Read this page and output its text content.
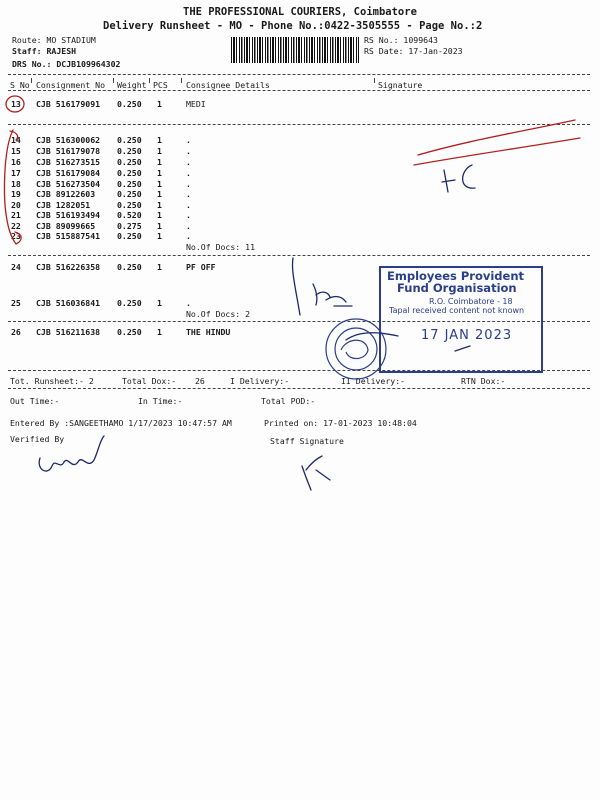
THE PROFESSIONAL COURIERS, Coimbatore
Delivery Runsheet - MO - Phone No.:0422-3505555 - Page No.:2
Route: MO STADIUM
Staff: RAJESH
DRS No.: DCJB109964302
RS No.: 1099643
RS Date: 17-Jan-2023
S No Consignment No Weight PCS Consignee Details	Signature
13 CJB 516179091 0.250 1	MEDI
14 CJB 516300062 0.250 1	.
15 CJB 516179078 0.250 1	.
16 CJB 516273515 0.250 1	.
17 CJB 516179084 0.250 1	.
18 CJB 516273504 0.250 1	.
19 CJB 89122603	0.250 1	.
20 CJB 1282051	0.250 1	.
21 CJB 516193494 0.520 1	.
22 CJB 89099665	0.275 1	.
23 CJB 515887541 0.250 1	.
No.Of Docs: 11
24 CJB 516226358 0.250 1	PF OFF
25 CJB 516036841 0.250 1	.
No.Of Docs: 2
26 CJB 516211638 0.250 1	THE HINDU
Tot. Runsheet:- 2	Total Dox:- 26	I Delivery:-	II Delivery:-	RTN Dox:-
Out Time:-	In Time:-	Total POD:-
Entered By :SANGEETHAMO 1/17/2023 10:47:57 AM	Printed on: 17-01-2023 10:48:04
Verified By	Staff Signature
Employees Provident
Fund Organisation
R.O. Coimbatore - 18
Tapal received content not known
17 JAN 2023
